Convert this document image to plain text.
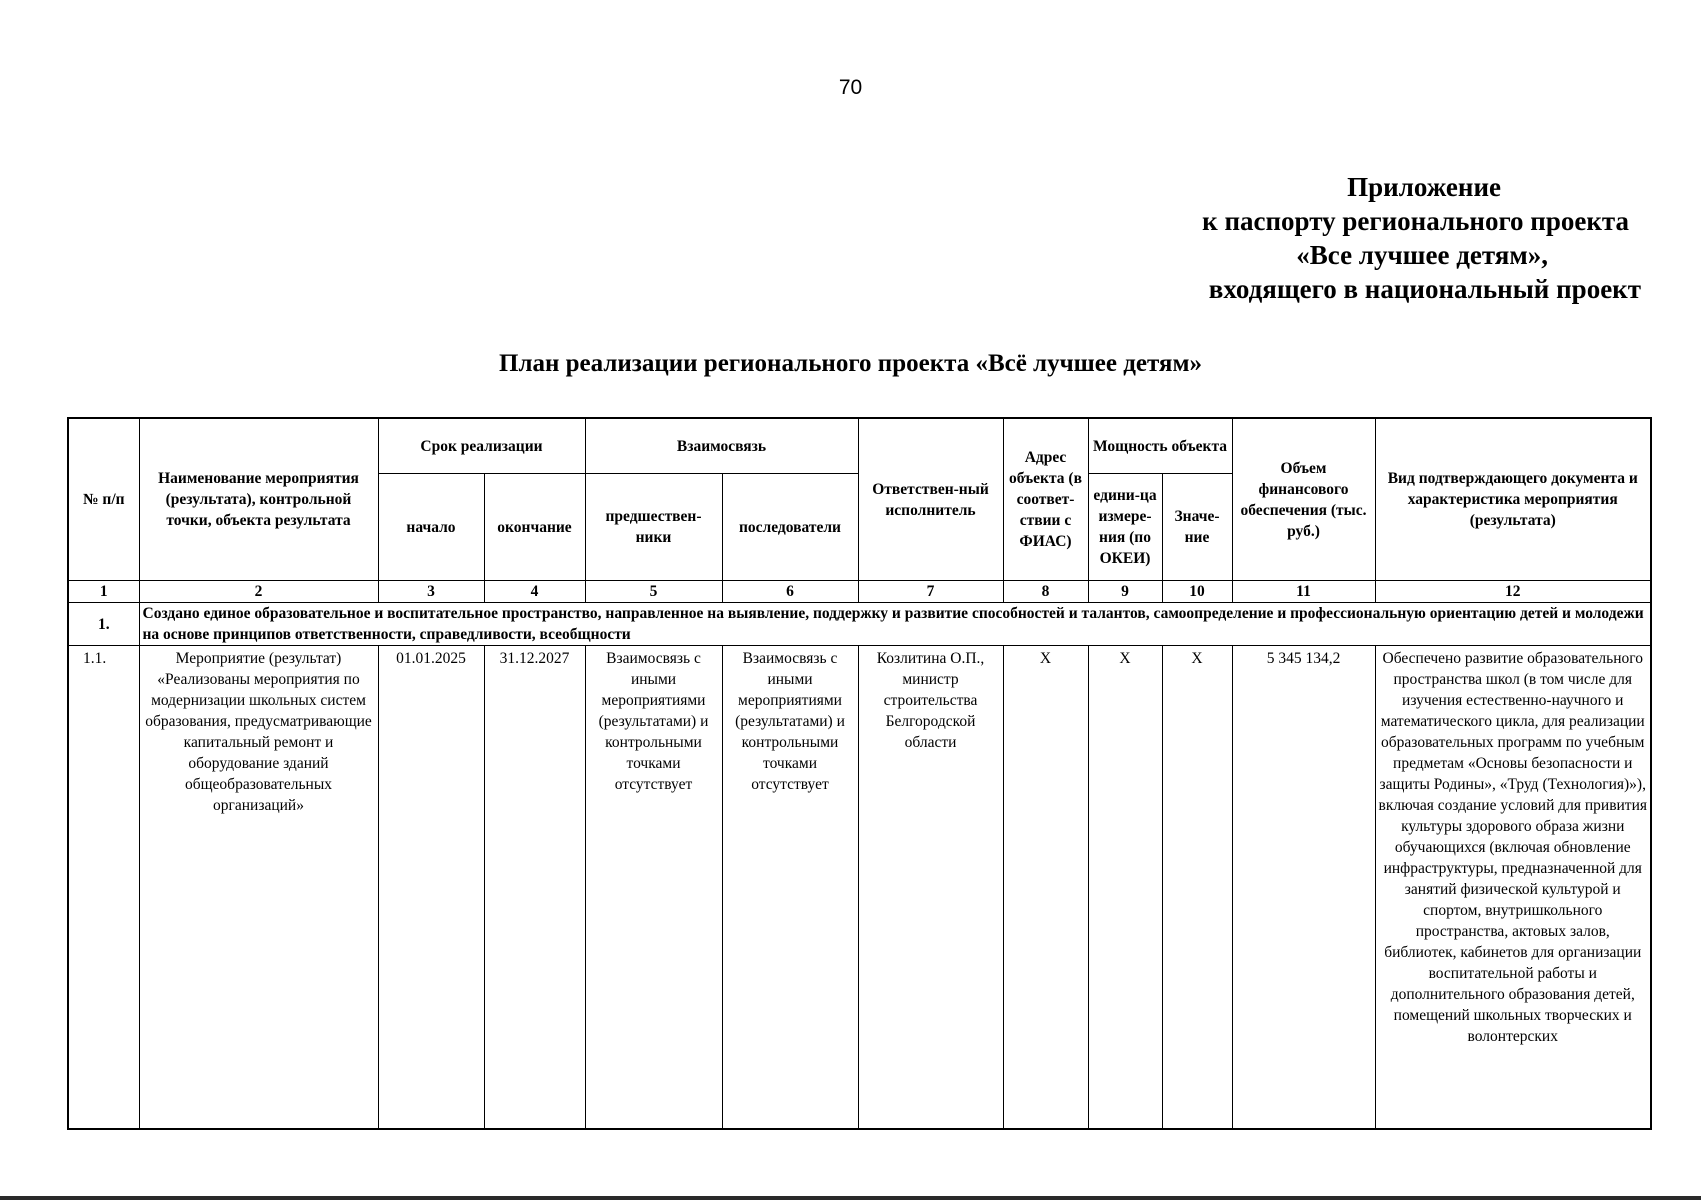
70
Приложение
к паспорту регионального проекта
«Все лучшее детям»,
входящего в национальный проект
План реализации регионального проекта «Всё лучшее детям»
№ п/п	Наименование мероприятия (результата), контрольной точки, объекта результата	Срок реализации		Взаимосвязь		Ответствен-ный исполнитель	Адрес объекта (в соответ-ствии с ФИАС)	Мощность объекта		Объем финансового обеспечения (тыс. руб.)	Вид подтверждающего документа и характеристика мероприятия (результата)
		начало	окончание	предшествен-ники	последователи			едини-ца измере-ния (по ОКЕИ)	Значе-ние		
1	2	3	4	5	6	7	8	9	10	11	12
1.	Создано единое образовательное и воспитательное пространство, направленное на выявление, поддержку и развитие способностей и талантов, самоопределение и профессиональную ориентацию детей и молодежи на основе принципов ответственности, справедливости, всеобщности										
1.1.	Мероприятие (результат) «Реализованы мероприятия по модернизации школьных систем образования, предусматривающие капитальный ремонт и оборудование зданий общеобразовательных организаций»	01.01.2025	31.12.2027	Взаимосвязь с иными мероприятиями (результатами) и контрольными точками отсутствует	Взаимосвязь с иными мероприятиями (результатами) и контрольными точками отсутствует	Козлитина О.П., министр строительства Белгородской области	Х	Х	Х	5 345 134,2	Обеспечено развитие образовательного пространства школ (в том числе для изучения естественно-научного и математического цикла, для реализации образовательных программ по учебным предметам «Основы безопасности и защиты Родины», «Труд (Технология)»), включая создание условий для привития культуры здорового образа жизни обучающихся (включая обновление инфраструктуры, предназначенной для занятий физической культурой и спортом, внутришкольного пространства, актовых залов, библиотек, кабинетов для организации воспитательной работы и дополнительного образования детей, помещений школьных творческих и волонтерских
